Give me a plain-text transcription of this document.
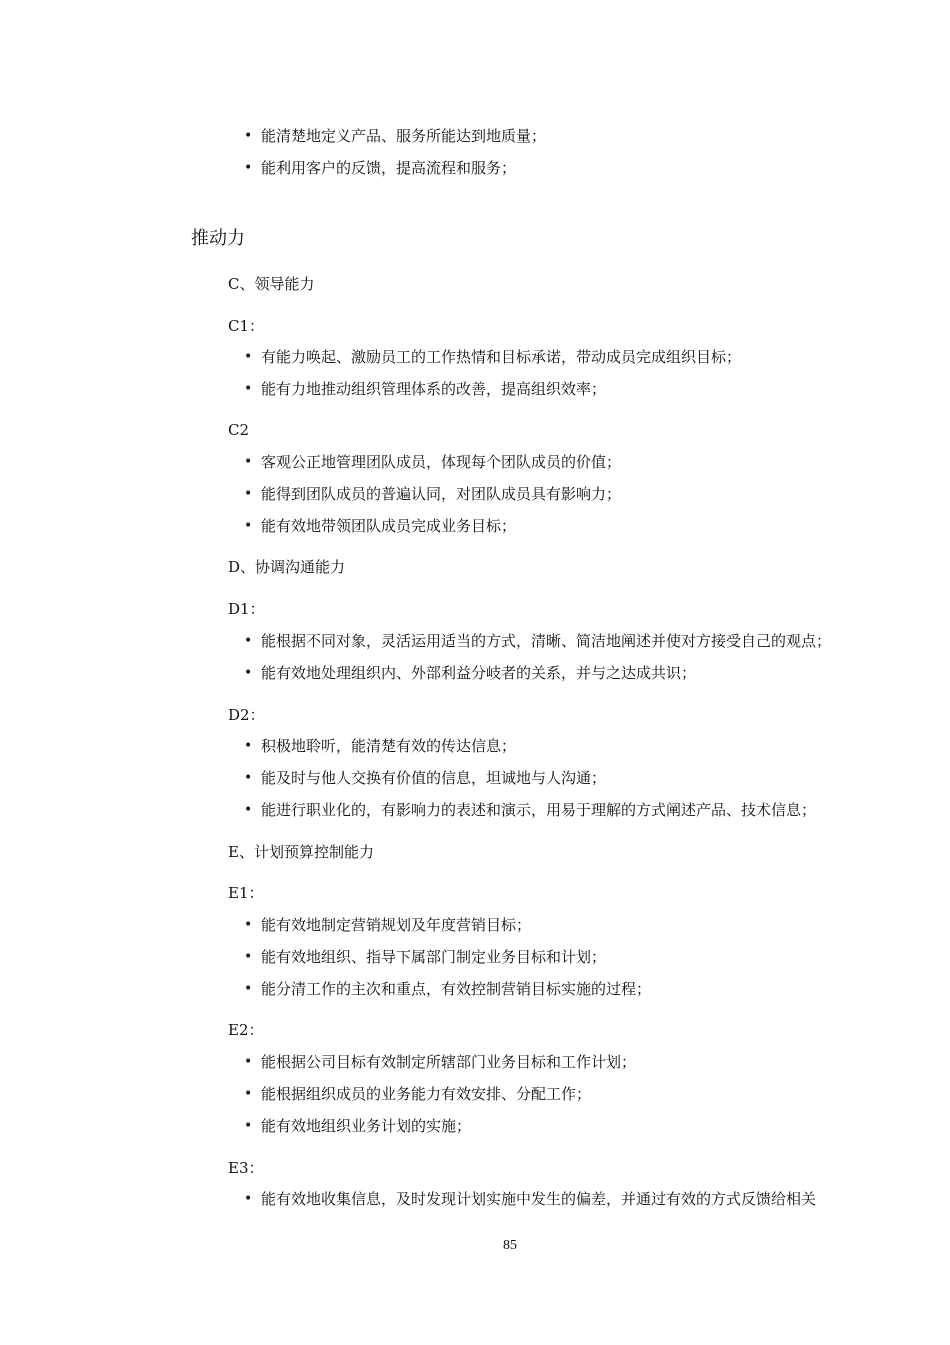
• 能清楚地定义产品、服务所能达到地质量；
• 能利用客户的反馈，提高流程和服务；
推动力
C、领导能力
C1：
• 有能力唤起、激励员工的工作热情和目标承诺，带动成员完成组织目标；
• 能有力地推动组织管理体系的改善，提高组织效率；
C2
• 客观公正地管理团队成员，体现每个团队成员的价值；
• 能得到团队成员的普遍认同，对团队成员具有影响力；
• 能有效地带领团队成员完成业务目标；
D、协调沟通能力
D1：
• 能根据不同对象，灵活运用适当的方式，清晰、简洁地阐述并使对方接受自己的观点；
• 能有效地处理组织内、外部利益分岐者的关系，并与之达成共识；
D2：
• 积极地聆听，能清楚有效的传达信息；
• 能及时与他人交换有价值的信息，坦诚地与人沟通；
• 能进行职业化的，有影响力的表述和演示，用易于理解的方式阐述产品、技术信息；
E、计划预算控制能力
E1：
• 能有效地制定营销规划及年度营销目标；
• 能有效地组织、指导下属部门制定业务目标和计划；
• 能分清工作的主次和重点，有效控制营销目标实施的过程；
E2：
• 能根据公司目标有效制定所辖部门业务目标和工作计划；
• 能根据组织成员的业务能力有效安排、分配工作；
• 能有效地组织业务计划的实施；
E3：
• 能有效地收集信息，及时发现计划实施中发生的偏差，并通过有效的方式反馈给相关
85
